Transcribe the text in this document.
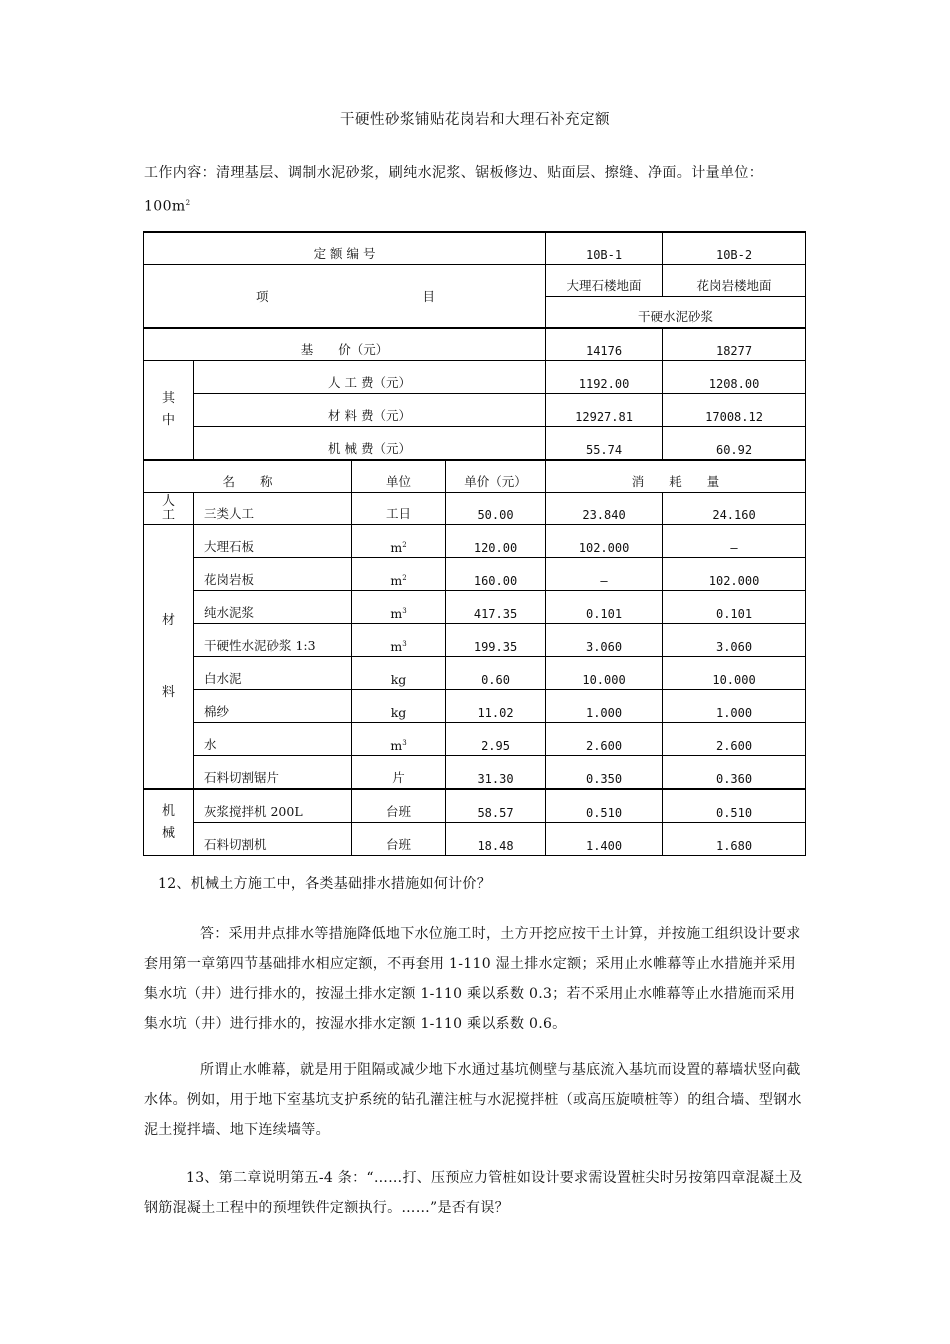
干硬性砂浆铺贴花岗岩和大理石补充定额
工作内容：清理基层、调制水泥砂浆，刷纯水泥浆、锯板修边、贴面层、擦缝、净面。计量单位：
$100m^2$
定 额 编 号				10B-1	10B-2

项 目				大理石楼地面	花岗岩楼地面

				干硬水泥砂浆	

基　　价（元）				14176	18277

其
中	人 工 费（元）			1192.00	1208.00

	材 料 费（元）			12927.81	17008.12

	机 械 费（元）			55.74	60.92

名　　称		单位	单价（元）	消　　耗　　量	

人
工	三类人工	工日	50.00	23.840	24.160

材
料	大理石板	$m^2$	120.00	102.000	—

	花岗岩板	$m^2$	160.00	—	102.000

	纯水泥浆	$m^3$	417.35	0.101	0.101

	干硬性水泥砂浆 1:3	$m^3$	199.35	3.060	3.060

	白水泥	kg	0.60	10.000	10.000

	棉纱	kg	11.02	1.000	1.000

	水	$m^3$	2.95	2.600	2.600

	石料切割锯片	片	31.30	0.350	0.360

机
械	灰浆搅拌机 200L	台班	58.57	0.510	0.510

	石料切割机	台班	18.48	1.400	1.680
12、机械土方施工中，各类基础排水措施如何计价？
答：采用井点排水等措施降低地下水位施工时，土方开挖应按干土计算，并按施工组织设计要求套用第一章第四节基础排水相应定额，不再套用 1-110 湿土排水定额；采用止水帷幕等止水措施并采用集水坑（井）进行排水的，按湿土排水定额 1-110 乘以系数 0.3；若不采用止水帷幕等止水措施而采用集水坑（井）进行排水的，按湿水排水定额 1-110 乘以系数 0.6。
所谓止水帷幕，就是用于阻隔或减少地下水通过基坑侧壁与基底流入基坑而设置的幕墙状竖向截水体。例如，用于地下室基坑支护系统的钻孔灌注桩与水泥搅拌桩（或高压旋喷桩等）的组合墙、型钢水泥土搅拌墙、地下连续墙等。
13、第二章说明第五-4 条：“……打、压预应力管桩如设计要求需设置桩尖时另按第四章混凝土及钢筋混凝土工程中的预埋铁件定额执行。……”是否有误？
